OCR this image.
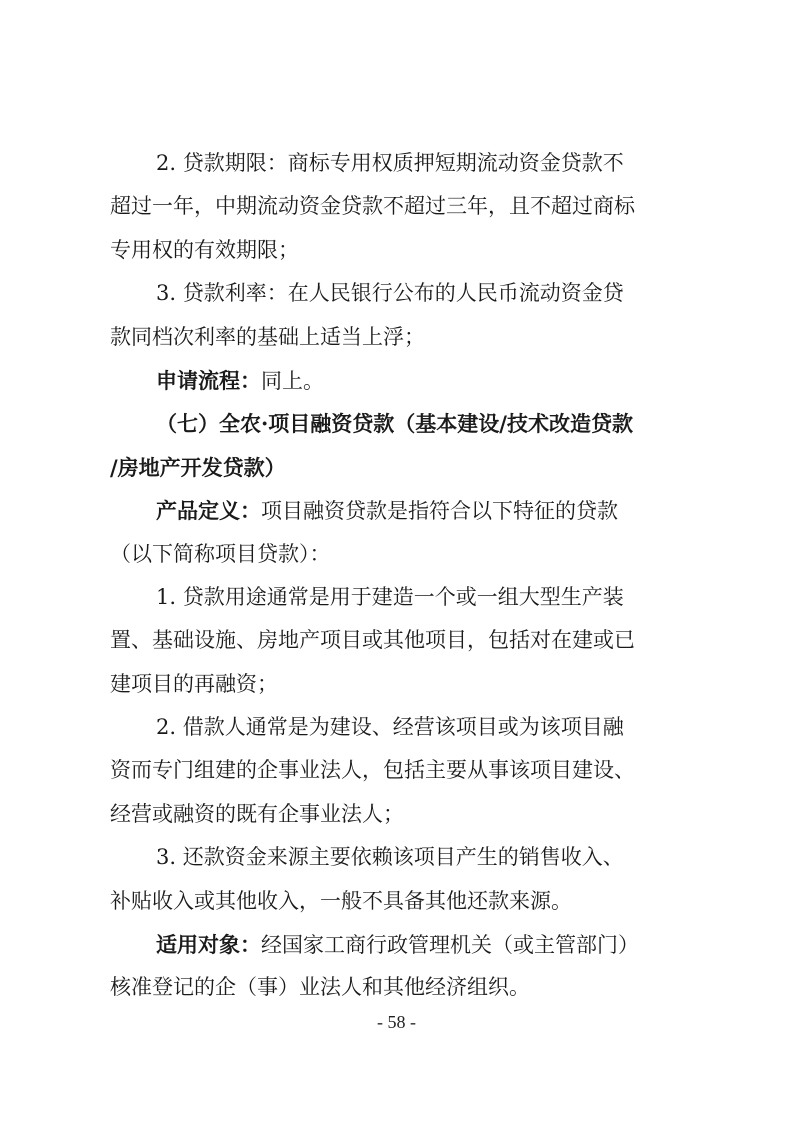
2. 贷款期限：商标专用权质押短期流动资金贷款不
超过一年，中期流动资金贷款不超过三年，且不超过商标
专用权的有效期限；
3. 贷款利率：在人民银行公布的人民币流动资金贷
款同档次利率的基础上适当上浮；
申请流程：同上。
（七）全农·项目融资贷款（基本建设/技术改造贷款
/房地产开发贷款）
产品定义：项目融资贷款是指符合以下特征的贷款
（以下简称项目贷款）：
1. 贷款用途通常是用于建造一个或一组大型生产装
置、基础设施、房地产项目或其他项目，包括对在建或已
建项目的再融资；
2. 借款人通常是为建设、经营该项目或为该项目融
资而专门组建的企事业法人，包括主要从事该项目建设、
经营或融资的既有企事业法人；
3. 还款资金来源主要依赖该项目产生的销售收入、
补贴收入或其他收入，一般不具备其他还款来源。
适用对象：经国家工商行政管理机关（或主管部门）
核准登记的企（事）业法人和其他经济组织。
- 58 -
